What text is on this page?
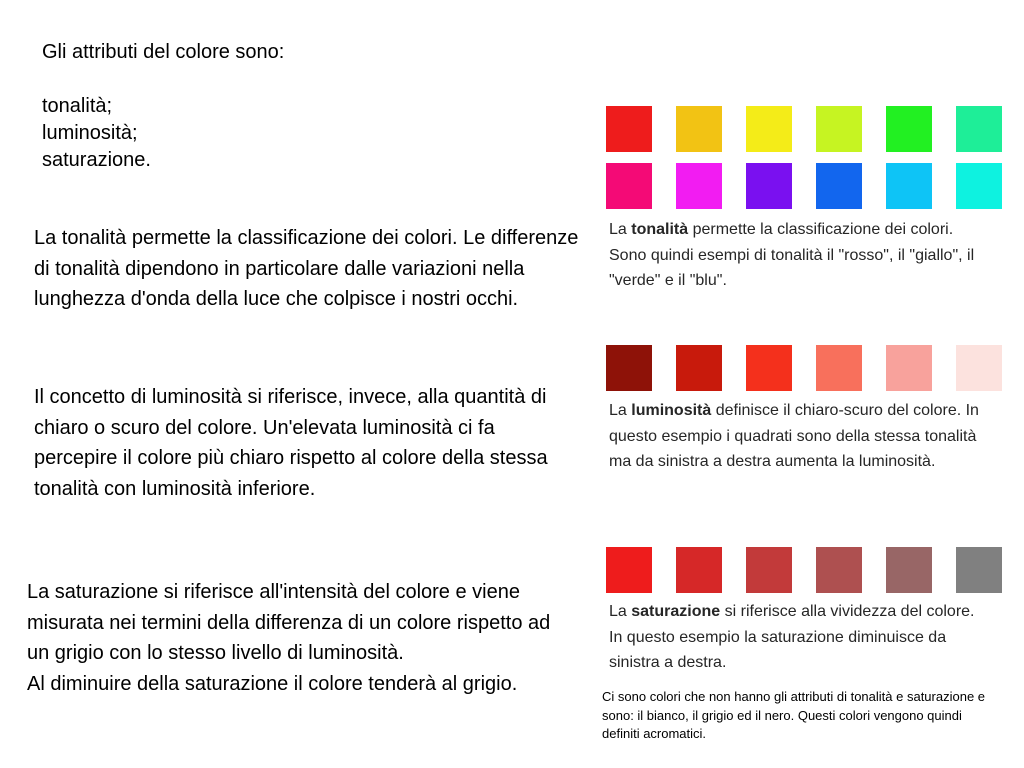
Gli attributi del colore sono:
tonalità;
luminosità;
saturazione.
La tonalità permette la classificazione dei colori. Le differenze di tonalità dipendono in particolare dalle variazioni nella lunghezza d'onda della luce che colpisce i nostri occhi.
Il concetto di luminosità si riferisce, invece, alla quantità di chiaro o scuro del colore. Un'elevata luminosità ci fa percepire il colore più chiaro rispetto al colore della stessa tonalità con luminosità inferiore.
La saturazione si riferisce all'intensità del colore e viene misurata nei termini della differenza di un colore rispetto ad un grigio con lo stesso livello di luminosità.
Al diminuire della saturazione il colore tenderà al grigio.
La tonalità permette la classificazione dei colori. Sono quindi esempi di tonalità il "rosso", il "giallo", il "verde" e il "blu".
La luminosità definisce il chiaro-scuro del colore. In questo esempio i quadrati sono della stessa tonalità ma da sinistra a destra aumenta la luminosità.
La saturazione si riferisce alla vividezza del colore. In questo esempio la saturazione diminuisce da sinistra a destra.
Ci sono colori che non hanno gli attributi di tonalità e saturazione e sono: il bianco, il grigio ed il nero. Questi colori vengono quindi definiti acromatici.
